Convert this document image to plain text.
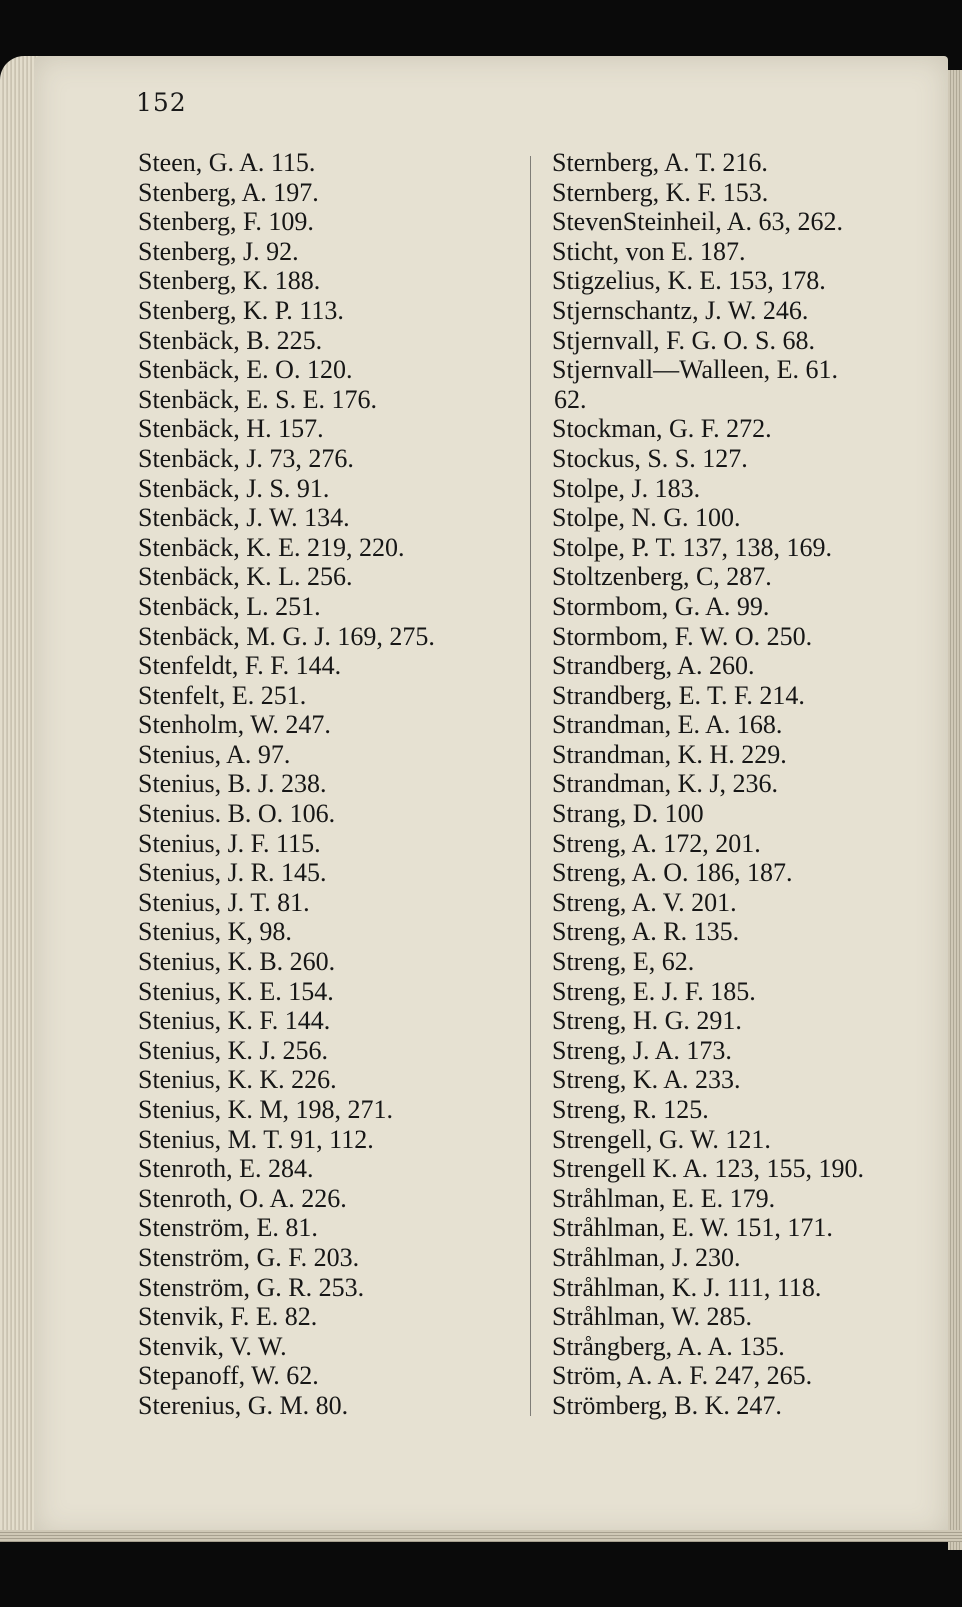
152
Steen, G. A. 115.
Stenberg, A. 197.
Stenberg, F. 109.
Stenberg, J. 92.
Stenberg, K. 188.
Stenberg, K. P. 113.
Stenbäck, B. 225.
Stenbäck, E. O. 120.
Stenbäck, E. S. E. 176.
Stenbäck, H. 157.
Stenbäck, J. 73, 276.
Stenbäck, J. S. 91.
Stenbäck, J. W. 134.
Stenbäck, K. E. 219, 220.
Stenbäck, K. L. 256.
Stenbäck, L. 251.
Stenbäck, M. G. J. 169, 275.
Stenfeldt, F. F. 144.
Stenfelt, E. 251.
Stenholm, W. 247.
Stenius, A. 97.
Stenius, B. J. 238.
Stenius. B. O. 106.
Stenius, J. F. 115.
Stenius, J. R. 145.
Stenius, J. T. 81.
Stenius, K, 98.
Stenius, K. B. 260.
Stenius, K. E. 154.
Stenius, K. F. 144.
Stenius, K. J. 256.
Stenius, K. K. 226.
Stenius, K. M, 198, 271.
Stenius, M. T. 91, 112.
Stenroth, E. 284.
Stenroth, O. A. 226.
Stenström, E. 81.
Stenström, G. F. 203.
Stenström, G. R. 253.
Stenvik, F. E. 82.
Stenvik, V. W.
Stepanoff, W. 62.
Sterenius, G. M. 80.
Sternberg, A. T. 216.
Sternberg, K. F. 153.
StevenSteinheil, A. 63, 262.
Sticht, von E. 187.
Stigzelius, K. E. 153, 178.
Stjernschantz, J. W. 246.
Stjernvall, F. G. O. S. 68.
Stjernvall—Walleen, E. 61.
62.
Stockman, G. F. 272.
Stockus, S. S. 127.
Stolpe, J. 183.
Stolpe, N. G. 100.
Stolpe, P. T. 137, 138, 169.
Stoltzenberg, C, 287.
Stormbom, G. A. 99.
Stormbom, F. W. O. 250.
Strandberg, A. 260.
Strandberg, E. T. F. 214.
Strandman, E. A. 168.
Strandman, K. H. 229.
Strandman, K. J, 236.
Strang, D. 100
Streng, A. 172, 201.
Streng, A. O. 186, 187.
Streng, A. V. 201.
Streng, A. R. 135.
Streng, E, 62.
Streng, E. J. F. 185.
Streng, H. G. 291.
Streng, J. A. 173.
Streng, K. A. 233.
Streng, R. 125.
Strengell, G. W. 121.
Strengell K. A. 123, 155, 190.
Stråhlman, E. E. 179.
Stråhlman, E. W. 151, 171.
Stråhlman, J. 230.
Stråhlman, K. J. 111, 118.
Stråhlman, W. 285.
Strångberg, A. A. 135.
Ström, A. A. F. 247, 265.
Strömberg, B. K. 247.
